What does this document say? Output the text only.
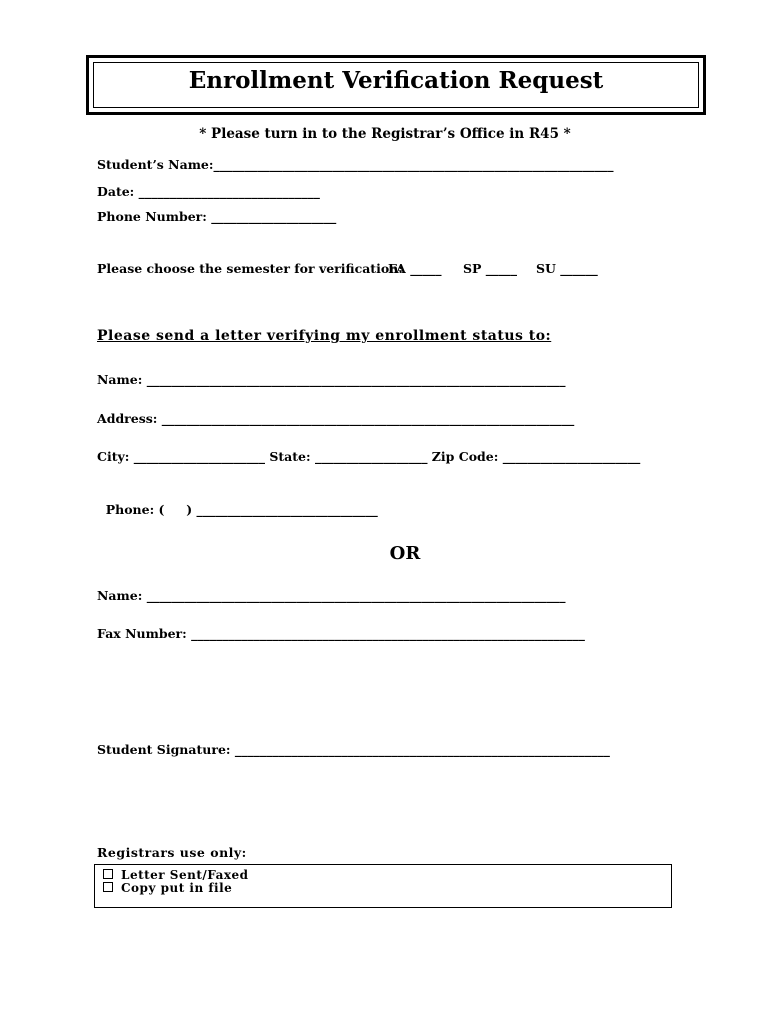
Enrollment Verification Request
* Please turn in to the Registrar’s Office in R45 *
Student’s Name:________________________________________________________________
Date: _____________________________
Phone Number: ____________________
Please choose the semester for verification:
FA _____ SP _____ SU ______
Please send a letter verifying my enrollment status to:
Name: ___________________________________________________________________
Address: __________________________________________________________________
City: _____________________ State: __________________ Zip Code: ______________________

Phone: (     ) _____________________________

OR
Name: ___________________________________________________________________
Fax Number: _______________________________________________________________
Student Signature: ____________________________________________________________
Registrars use only:
Letter Sent/Faxed
Copy put in file
